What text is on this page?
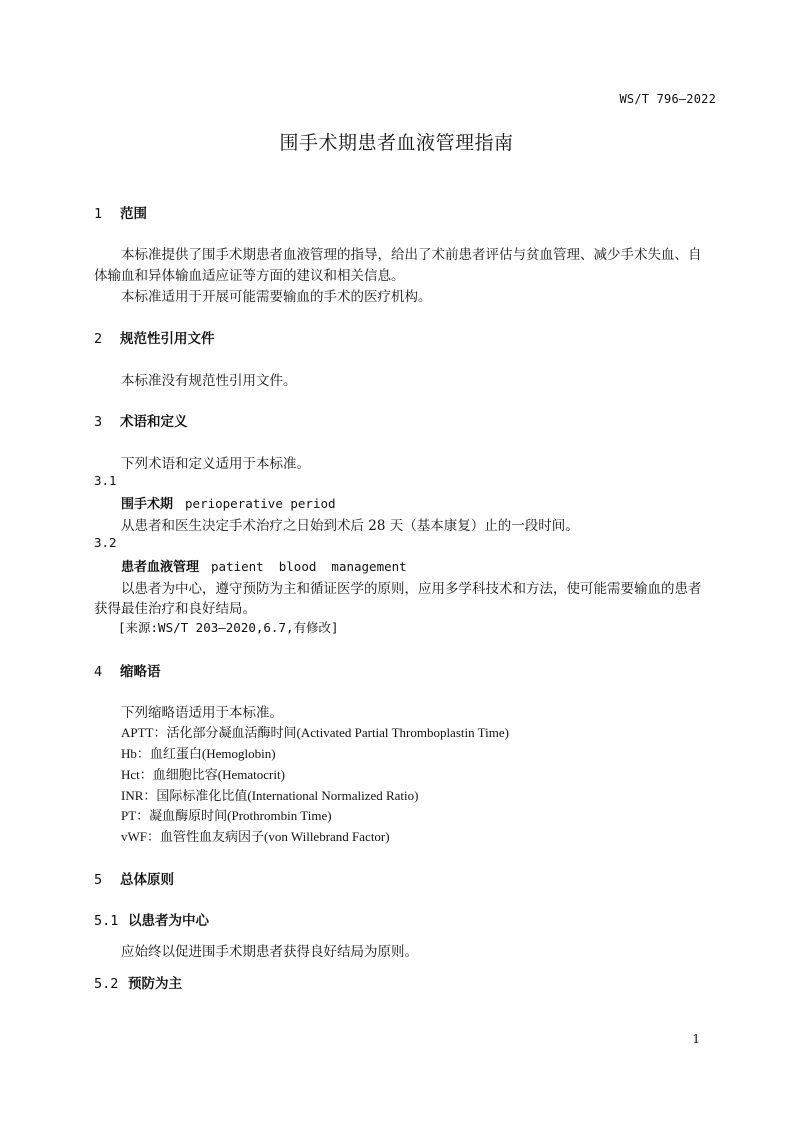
WS/T 796—2022
围手术期患者血液管理指南
1 范围
本标准提供了围手术期患者血液管理的指导，给出了术前患者评估与贫血管理、减少手术失血、自
体输血和异体输血适应证等方面的建议和相关信息。
本标准适用于开展可能需要输血的手术的医疗机构。
2 规范性引用文件
本标准没有规范性引用文件。
3 术语和定义
下列术语和定义适用于本标准。
3.1
围手术期 perioperative period
从患者和医生决定手术治疗之日始到术后 28 天（基本康复）止的一段时间。
3.2
患者血液管理 patient  blood  management
以患者为中心，遵守预防为主和循证医学的原则，应用多学科技术和方法，使可能需要输血的患者
获得最佳治疗和良好结局。
[来源:WS/T 203—2020,6.7,有修改]
4 缩略语
下列缩略语适用于本标准。
APTT：活化部分凝血活酶时间(Activated Partial Thromboplastin Time)
Hb：血红蛋白(Hemoglobin)
Hct：血细胞比容(Hematocrit)
INR：国际标准化比值(International Normalized Ratio)
PT：凝血酶原时间(Prothrombin Time)
vWF：血管性血友病因子(von Willebrand Factor)
5 总体原则
5.1 以患者为中心
应始终以促进围手术期患者获得良好结局为原则。
5.2 预防为主
1
